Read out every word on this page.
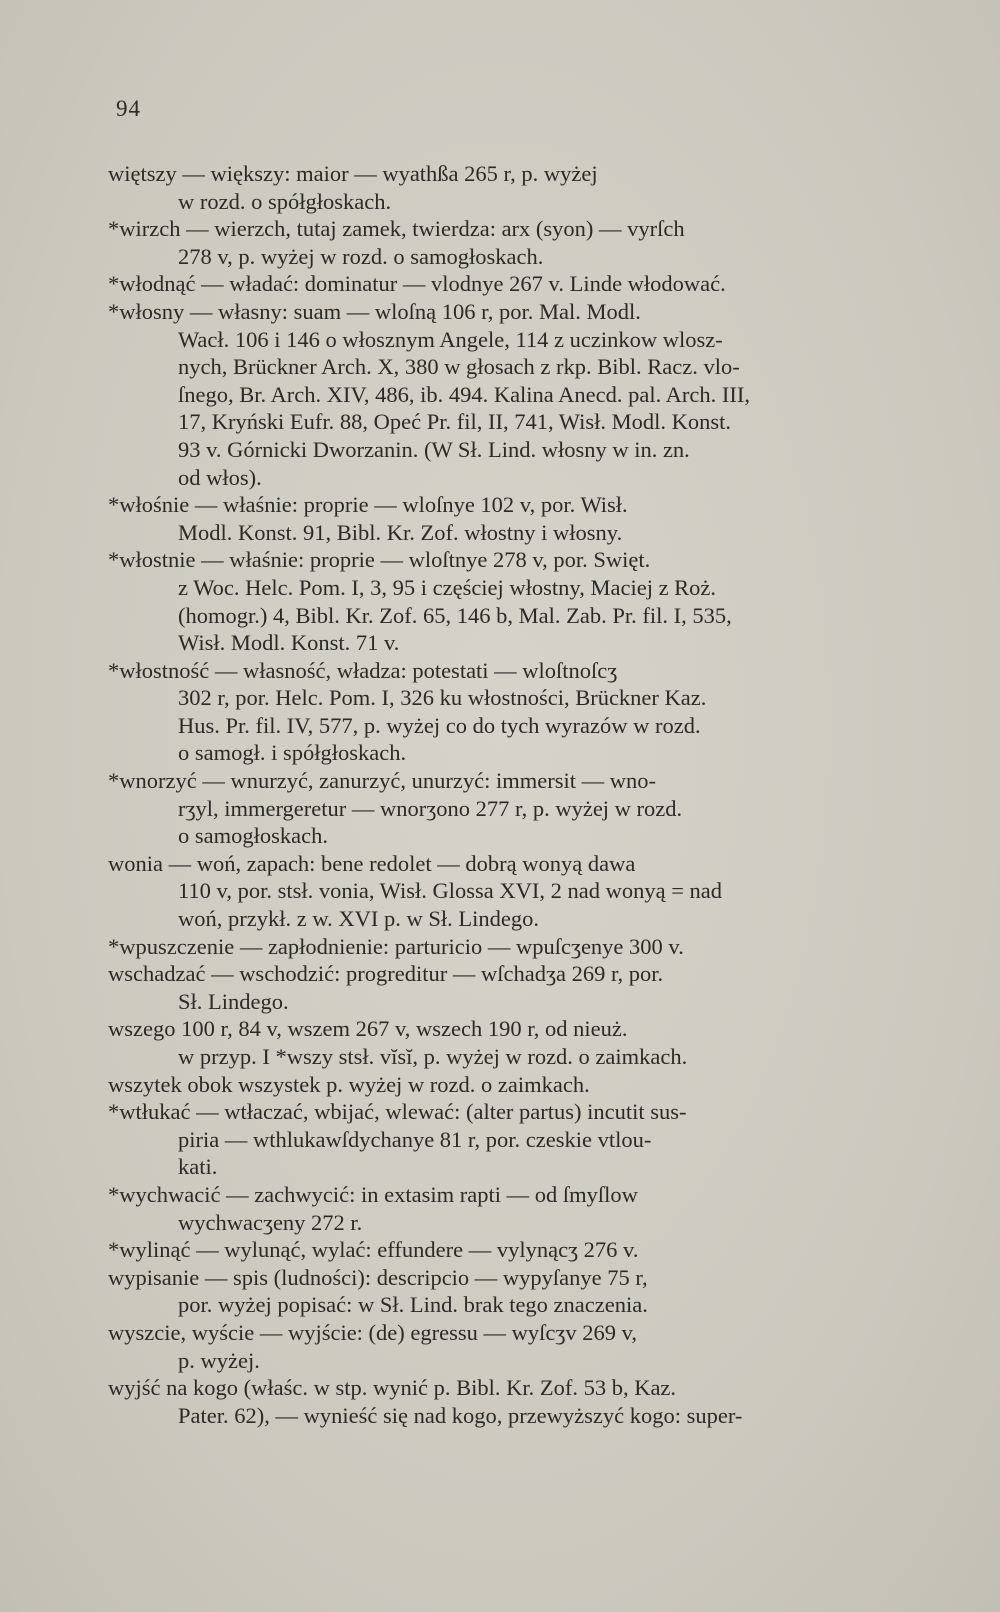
94
więtszy — większy: maior — wyathßa 265 r, p. wyżej
w rozd. o spółgłoskach.
*wirzch — wierzch, tutaj zamek, twierdza: arx (syon) — vyrſch
278 v, p. wyżej w rozd. o samogłoskach.
*włodnąć — władać: dominatur — vlodnye 267 v. Linde włodować.
*włosny — własny: suam — wloſną 106 r, por. Mal. Modl.
Wacł. 106 i 146 o włosznym Angele, 114 z uczinkow wlosz-
nych, Brückner Arch. X, 380 w głosach z rkp. Bibl. Racz. vlo-
ſnego, Br. Arch. XIV, 486, ib. 494. Kalina Anecd. pal. Arch. III,
17, Kryński Eufr. 88, Opeć Pr. fil, II, 741, Wisł. Modl. Konst.
93 v. Górnicki Dworzanin. (W Sł. Lind. włosny w in. zn.
od włos).
*włośnie — właśnie: proprie — wloſnye 102 v, por. Wisł.
Modl. Konst. 91, Bibl. Kr. Zof. włostny i włosny.
*włostnie — właśnie: proprie — wloſtnye 278 v, por. Swięt.
z Woc. Helc. Pom. I, 3, 95 i częściej włostny, Maciej z Roż.
(homogr.) 4, Bibl. Kr. Zof. 65, 146 b, Mal. Zab. Pr. fil. I, 535,
Wisł. Modl. Konst. 71 v.
*włostność — własność, władza: potestati — wloſtnoſcʒ
302 r, por. Helc. Pom. I, 326 ku włostności, Brückner Kaz.
Hus. Pr. fil. IV, 577, p. wyżej co do tych wyrazów w rozd.
o samogł. i spółgłoskach.
*wnorzyć — wnurzyć, zanurzyć, unurzyć: immersit — wno-
rʒyl, immergeretur — wnorʒono 277 r, p. wyżej w rozd.
o samogłoskach.
wonia — woń, zapach: bene redolet — dobrą wonyą dawa
110 v, por. stsł. vonia, Wisł. Glossa XVI, 2 nad wonyą = nad
woń, przykł. z w. XVI p. w Sł. Lindego.
*wpuszczenie — zapłodnienie: parturicio — wpuſcʒenye 300 v.
wschadzać — wschodzić: progreditur — wſchadʒa 269 r, por.
Sł. Lindego.
wszego 100 r, 84 v, wszem 267 v, wszech 190 r, od nieuż.
w przyp. I *wszy stsł. vĭsĭ, p. wyżej w rozd. o zaimkach.
wszytek obok wszystek p. wyżej w rozd. o zaimkach.
*wtłukać — wtłaczać, wbijać, wlewać: (alter partus) incutit sus-
piria — wthlukawſdychanye 81 r, por. czeskie vtlou-
kati.
*wychwacić — zachwycić: in extasim rapti — od ſmyſlow
wychwacʒeny 272 r.
*wylinąć — wylunąć, wylać: effundere — vylynącʒ 276 v.
wypisanie — spis (ludności): descripcio — wypyſanye 75 r,
por. wyżej popisać: w Sł. Lind. brak tego znaczenia.
wyszcie, wyście — wyjście: (de) egressu — wyſcʒv 269 v,
p. wyżej.
wyjść na kogo (właśc. w stp. wynić p. Bibl. Kr. Zof. 53 b, Kaz.
Pater. 62), — wynieść się nad kogo, przewyższyć kogo: super-
